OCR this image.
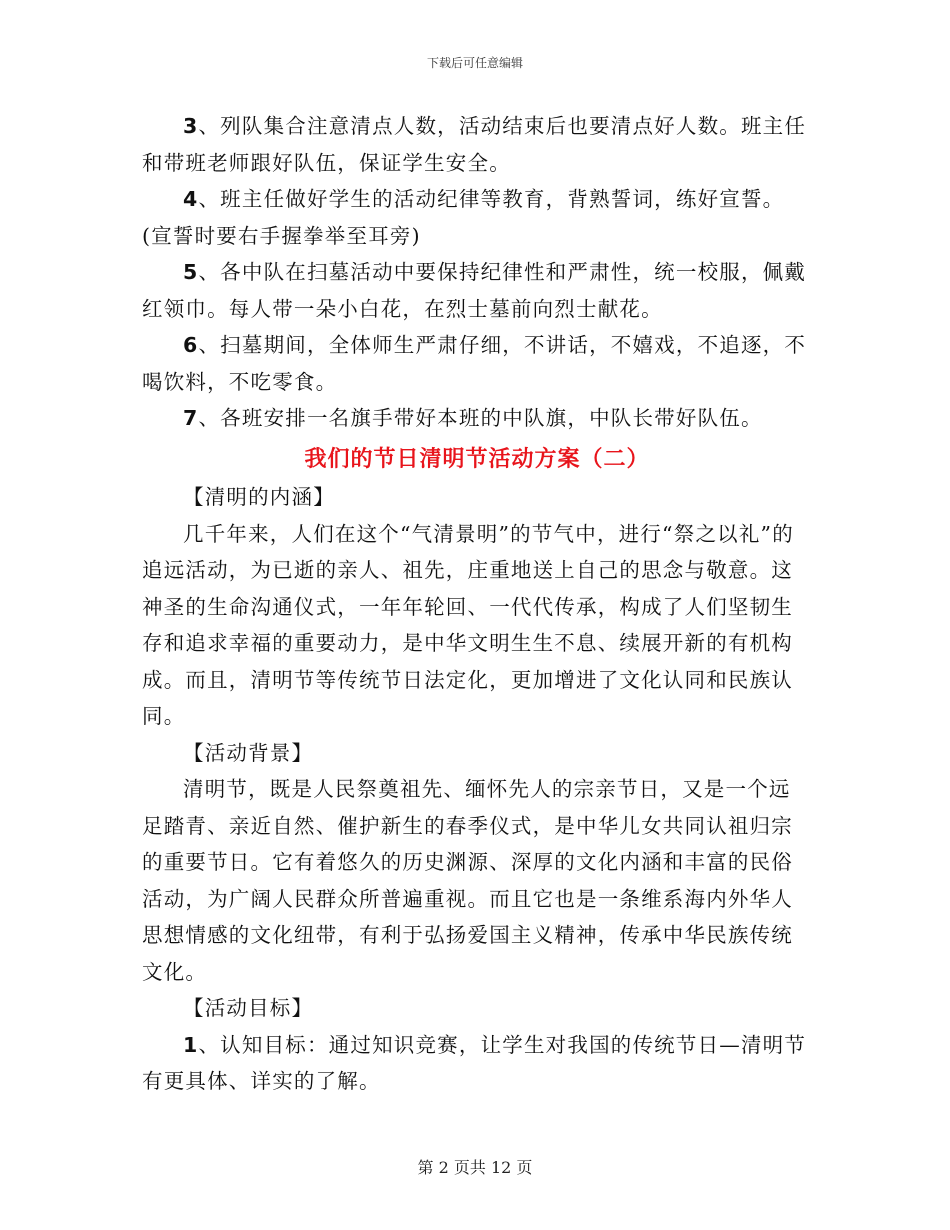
下载后可任意编辑

3、列队集合注意清点人数，活动结束后也要清点好人数。班主任和带班老师跟好队伍，保证学生安全。

4、班主任做好学生的活动纪律等教育，背熟誓词，练好宣誓。(宣誓时要右手握拳举至耳旁)

5、各中队在扫墓活动中要保持纪律性和严肃性，统一校服，佩戴红领巾。每人带一朵小白花，在烈士墓前向烈士献花。

6、扫墓期间，全体师生严肃仔细，不讲话，不嬉戏，不追逐，不喝饮料，不吃零食。

7、各班安排一名旗手带好本班的中队旗，中队长带好队伍。

我们的节日清明节活动方案（二）

【清明的内涵】

几千年来，人们在这个“气清景明”的节气中，进行“祭之以礼”的追远活动，为已逝的亲人、祖先，庄重地送上自己的思念与敬意。这神圣的生命沟通仪式，一年年轮回、一代代传承，构成了人们坚韧生存和追求幸福的重要动力，是中华文明生生不息、续展开新的有机构成。而且，清明节等传统节日法定化，更加增进了文化认同和民族认同。

【活动背景】

清明节，既是人民祭奠祖先、缅怀先人的宗亲节日，又是一个远足踏青、亲近自然、催护新生的春季仪式，是中华儿女共同认祖归宗的重要节日。它有着悠久的历史渊源、深厚的文化内涵和丰富的民俗活动，为广阔人民群众所普遍重视。而且它也是一条维系海内外华人思想情感的文化纽带，有利于弘扬爱国主义精神，传承中华民族传统文化。

【活动目标】

1、认知目标：通过知识竞赛，让学生对我国的传统节日—清明节有更具体、详实的了解。

第 2 页共 12 页
